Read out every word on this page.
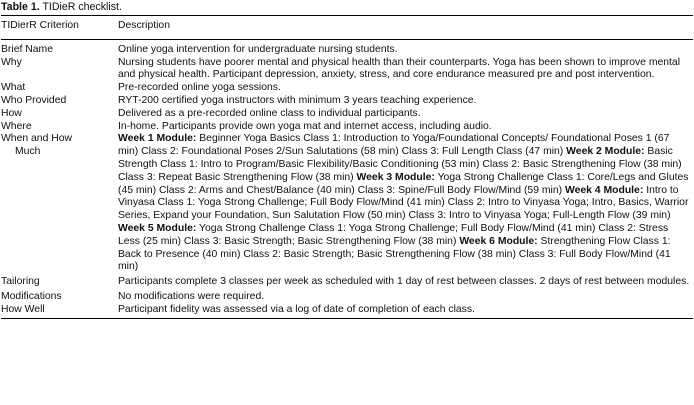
Table 1. TIDieR checklist.

TIDierR Criterion	Description
Brief Name	Online yoga intervention for undergraduate nursing students.
Why	Nursing students have poorer mental and physical health than their counterparts. Yoga has been shown to improve mental and physical health. Participant depression, anxiety, stress, and core endurance measured pre and post intervention.
What	Pre-recorded online yoga sessions.
Who Provided	RYT-200 certified yoga instructors with minimum 3 years teaching experience.
How	Delivered as a pre-recorded online class to individual participants.
Where	In-home. Participants provide own yoga mat and internet access, including audio.
When and How
Much	Week 1 Module: Beginner Yoga Basics Class 1: Introduction to Yoga/Foundational Concepts/ Foundational Poses 1 (67 min) Class 2: Foundational Poses 2/Sun Salutations (58 min) Class 3: Full Length Class (47 min) Week 2 Module: Basic Strength Class 1: Intro to Program/Basic Flexibility/Basic Conditioning (53 min) Class 2: Basic Strengthening Flow (38 min) Class 3: Repeat Basic Strengthening Flow (38 min) Week 3 Module: Yoga Strong Challenge Class 1: Core/Legs and Glutes (45 min) Class 2: Arms and Chest/Balance (40 min) Class 3: Spine/Full Body Flow/Mind (59 min) Week 4 Module: Intro to Vinyasa Class 1: Yoga Strong Challenge; Full Body Flow/Mind (41 min) Class 2: Intro to Vinyasa Yoga; Intro, Basics, Warrior Series, Expand your Foundation, Sun Salutation Flow (50 min) Class 3: Intro to Vinyasa Yoga; Full-Length Flow (39 min) Week 5 Module: Yoga Strong Challenge Class 1: Yoga Strong Challenge; Full Body Flow/Mind (41 min) Class 2: Stress Less (25 min) Class 3: Basic Strength; Basic Strengthening Flow (38 min) Week 6 Module: Strengthening Flow Class 1: Back to Presence (40 min) Class 2: Basic Strength; Basic Strengthening Flow (38 min) Class 3: Full Body Flow/Mind (41 min)
Tailoring	Participants complete 3 classes per week as scheduled with 1 day of rest between classes. 2 days of rest between modules.
Modifications	No modifications were required.
How Well	Participant fidelity was assessed via a log of date of completion of each class.
